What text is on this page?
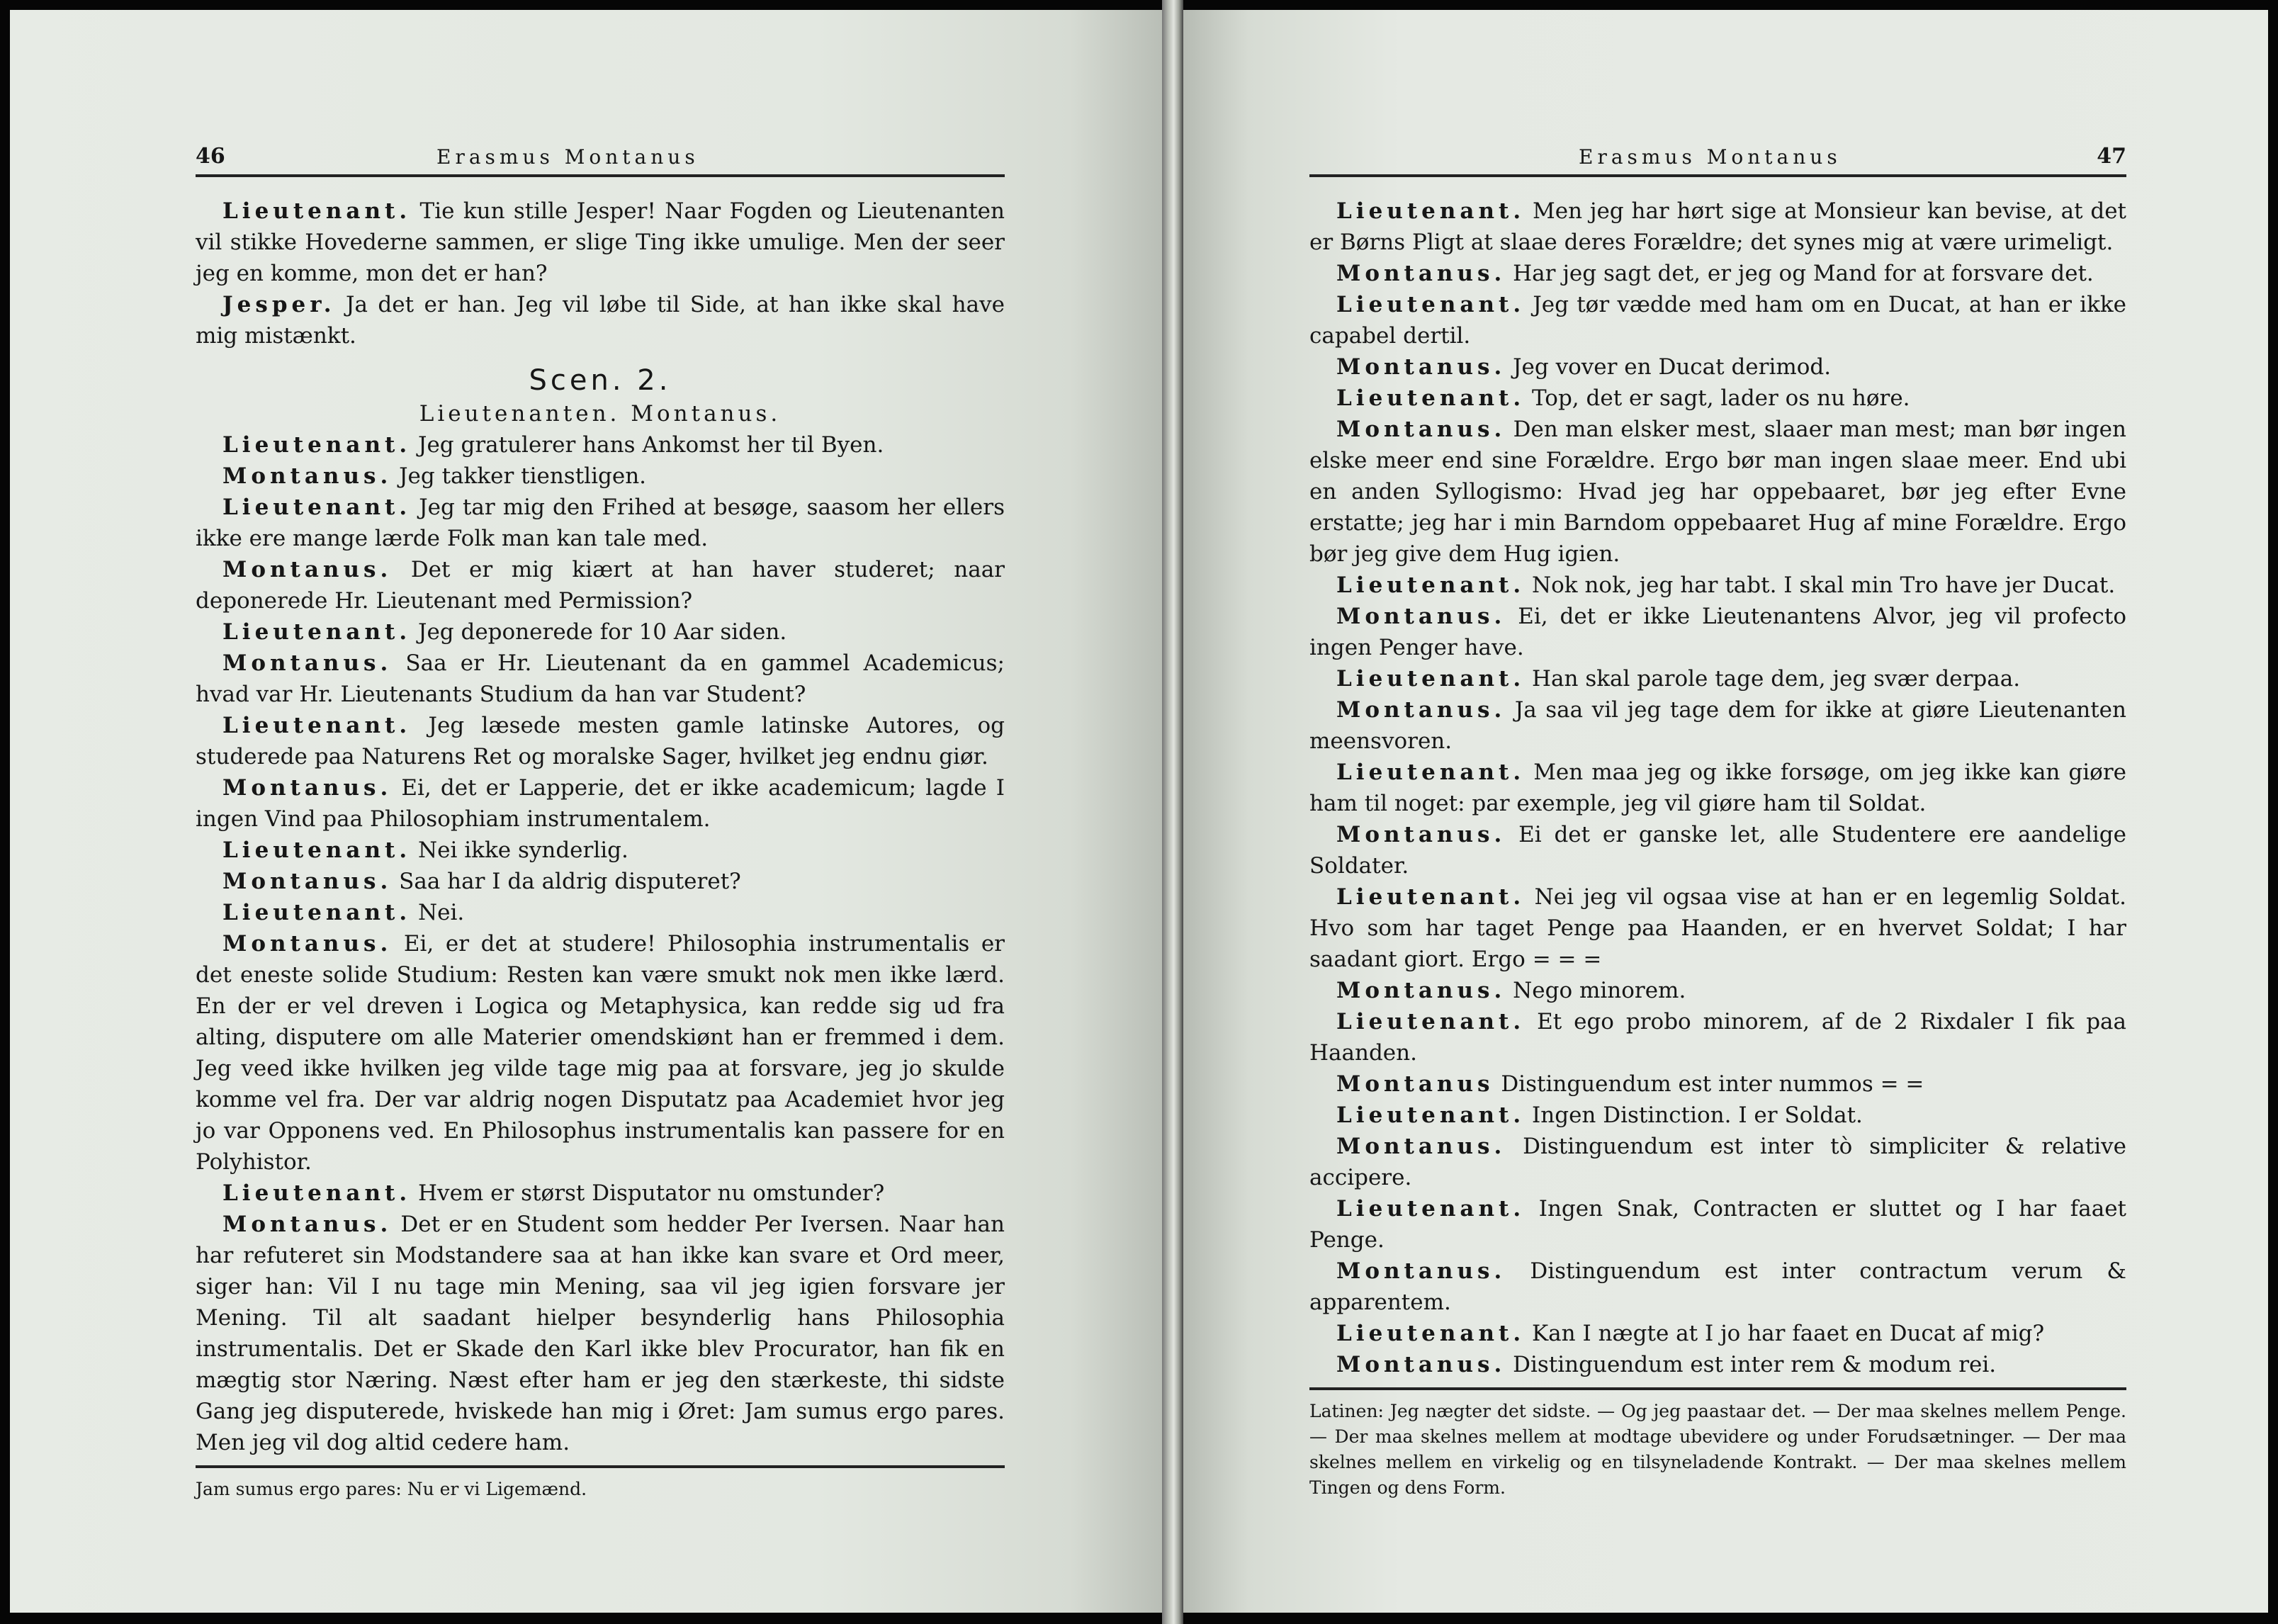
46	Erasmus Montanus

Lieutenant. Tie kun stille Jesper! Naar Fogden og Lieutenanten vil stikke Hovederne sammen, er slige Ting ikke umulige. Men der seer jeg en komme, mon det er han?

Jesper. Ja det er han. Jeg vil løbe til Side, at han ikke skal have mig mistænkt.

Scen. 2.
Lieutenanten. Montanus.

Lieutenant. Jeg gratulerer hans Ankomst her til Byen.

Montanus. Jeg takker tienstligen.

Lieutenant. Jeg tar mig den Frihed at besøge, saasom her ellers ikke ere mange lærde Folk man kan tale med.

Montanus. Det er mig kiært at han haver studeret; naar deponerede Hr. Lieutenant med Permission?

Lieutenant. Jeg deponerede for 10 Aar siden.

Montanus. Saa er Hr. Lieutenant da en gammel Academicus; hvad var Hr. Lieutenants Studium da han var Student?

Lieutenant. Jeg læsede mesten gamle latinske Autores, og studerede paa Naturens Ret og moralske Sager, hvilket jeg endnu giør.

Montanus. Ei, det er Lapperie, det er ikke academicum; lagde I ingen Vind paa Philosophiam instrumentalem.

Lieutenant. Nei ikke synderlig.

Montanus. Saa har I da aldrig disputeret?

Lieutenant. Nei.

Montanus. Ei, er det at studere! Philosophia instrumentalis er det eneste solide Studium: Resten kan være smukt nok men ikke lærd. En der er vel dreven i Logica og Metaphysica, kan redde sig ud fra alting, disputere om alle Materier omendskiønt han er fremmed i dem. Jeg veed ikke hvilken jeg vilde tage mig paa at forsvare, jeg jo skulde komme vel fra. Der var aldrig nogen Disputatz paa Academiet hvor jeg jo var Opponens ved. En Philosophus instrumentalis kan passere for en Polyhistor.

Lieutenant. Hvem er størst Disputator nu omstunder?

Montanus. Det er en Student som hedder Per Iversen. Naar han har refuteret sin Modstandere saa at han ikke kan svare et Ord meer, siger han: Vil I nu tage min Mening, saa vil jeg igien forsvare jer Mening. Til alt saadant hielper besynderlig hans Philosophia instrumentalis. Det er Skade den Karl ikke blev Procurator, han fik en mægtig stor Næring. Næst efter ham er jeg den stærkeste, thi sidste Gang jeg disputerede, hviskede han mig i Øret: Jam sumus ergo pares. Men jeg vil dog altid cedere ham.

Jam sumus ergo pares: Nu er vi Ligemænd.
Erasmus Montanus	47

Lieutenant. Men jeg har hørt sige at Monsieur kan bevise, at det er Børns Pligt at slaae deres Forældre; det synes mig at være urimeligt.

Montanus. Har jeg sagt det, er jeg og Mand for at forsvare det.

Lieutenant. Jeg tør vædde med ham om en Ducat, at han er ikke capabel dertil.

Montanus. Jeg vover en Ducat derimod.

Lieutenant. Top, det er sagt, lader os nu høre.

Montanus. Den man elsker mest, slaaer man mest; man bør ingen elske meer end sine Forældre. Ergo bør man ingen slaae meer. End ubi en anden Syllogismo: Hvad jeg har oppebaaret, bør jeg efter Evne erstatte; jeg har i min Barndom oppebaaret Hug af mine Forældre. Ergo bør jeg give dem Hug igien.

Lieutenant. Nok nok, jeg har tabt. I skal min Tro have jer Ducat.

Montanus. Ei, det er ikke Lieutenantens Alvor, jeg vil profecto ingen Penger have.

Lieutenant. Han skal parole tage dem, jeg svær derpaa.

Montanus. Ja saa vil jeg tage dem for ikke at giøre Lieutenanten meensvoren.

Lieutenant. Men maa jeg og ikke forsøge, om jeg ikke kan giøre ham til noget: par exemple, jeg vil giøre ham til Soldat.

Montanus. Ei det er ganske let, alle Studentere ere aandelige Soldater.

Lieutenant. Nei jeg vil ogsaa vise at han er en legemlig Soldat. Hvo som har taget Penge paa Haanden, er en hvervet Soldat; I har saadant giort. Ergo = = =

Montanus. Nego minorem.

Lieutenant. Et ego probo minorem, af de 2 Rixdaler I fik paa Haanden.

Montanus Distinguendum est inter nummos = =

Lieutenant. Ingen Distinction. I er Soldat.

Montanus. Distinguendum est inter tò simpliciter & relative accipere.

Lieutenant. Ingen Snak, Contracten er sluttet og I har faaet Penge.

Montanus. Distinguendum est inter contractum verum & apparentem.

Lieutenant. Kan I nægte at I jo har faaet en Ducat af mig?

Montanus. Distinguendum est inter rem & modum rei.

Latinen: Jeg nægter det sidste. — Og jeg paastaar det. — Der maa skelnes mellem Penge. — Der maa skelnes mellem at modtage ubevidere og under Forudsætninger. — Der maa skelnes mellem en virkelig og en tilsyneladende Kontrakt. — Der maa skelnes mellem Tingen og dens Form.
